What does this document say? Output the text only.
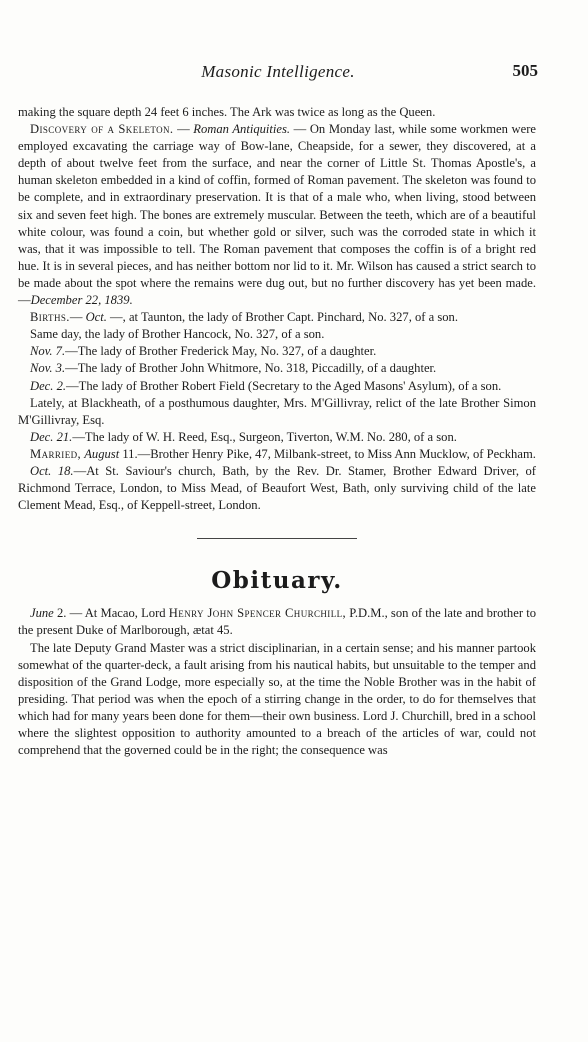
Masonic Intelligence.	505

making the square depth 24 feet 6 inches. The Ark was twice as long as the Queen.

Discovery of a Skeleton. — Roman Antiquities. — On Monday last, while some workmen were employed excavating the carriage way of Bow-lane, Cheapside, for a sewer, they discovered, at a depth of about twelve feet from the surface, and near the corner of Little St. Thomas Apostle's, a human skeleton embedded in a kind of coffin, formed of Roman pavement. The skeleton was found to be complete, and in extraordinary preservation. It is that of a male who, when living, stood between six and seven feet high. The bones are extremely muscular. Between the teeth, which are of a beautiful white colour, was found a coin, but whether gold or silver, such was the corroded state in which it was, that it was impossible to tell. The Roman pavement that composes the coffin is of a bright red hue. It is in several pieces, and has neither bottom nor lid to it. Mr. Wilson has caused a strict search to be made about the spot where the remains were dug out, but no further discovery has yet been made.—December 22, 1839.

Births.— Oct. —, at Taunton, the lady of Brother Capt. Pinchard, No. 327, of a son.

Same day, the lady of Brother Hancock, No. 327, of a son.

Nov. 7.—The lady of Brother Frederick May, No. 327, of a daughter.

Nov. 3.—The lady of Brother John Whitmore, No. 318, Piccadilly, of a daughter.

Dec. 2.—The lady of Brother Robert Field (Secretary to the Aged Masons' Asylum), of a son.

Lately, at Blackheath, of a posthumous daughter, Mrs. M'Gillivray, relict of the late Brother Simon M'Gillivray, Esq.

Dec. 21.—The lady of W. H. Reed, Esq., Surgeon, Tiverton, W.M. No. 280, of a son.

Married, August 11.—Brother Henry Pike, 47, Milbank-street, to Miss Ann Mucklow, of Peckham.

Oct. 18.—At St. Saviour's church, Bath, by the Rev. Dr. Stamer, Brother Edward Driver, of Richmond Terrace, London, to Miss Mead, of Beaufort West, Bath, only surviving child of the late Clement Mead, Esq., of Keppell-street, London.

Obituary.

June 2. — At Macao, Lord Henry John Spencer Churchill, P.D.M., son of the late and brother to the present Duke of Marlborough, ætat 45.

The late Deputy Grand Master was a strict disciplinarian, in a certain sense; and his manner partook somewhat of the quarter-deck, a fault arising from his nautical habits, but unsuitable to the temper and disposition of the Grand Lodge, more especially so, at the time the Noble Brother was in the habit of presiding. That period was when the epoch of a stirring change in the order, to do for themselves that which had for many years been done for them—their own business. Lord J. Churchill, bred in a school where the slightest opposition to authority amounted to a breach of the articles of war, could not comprehend that the governed could be in the right; the consequence was
